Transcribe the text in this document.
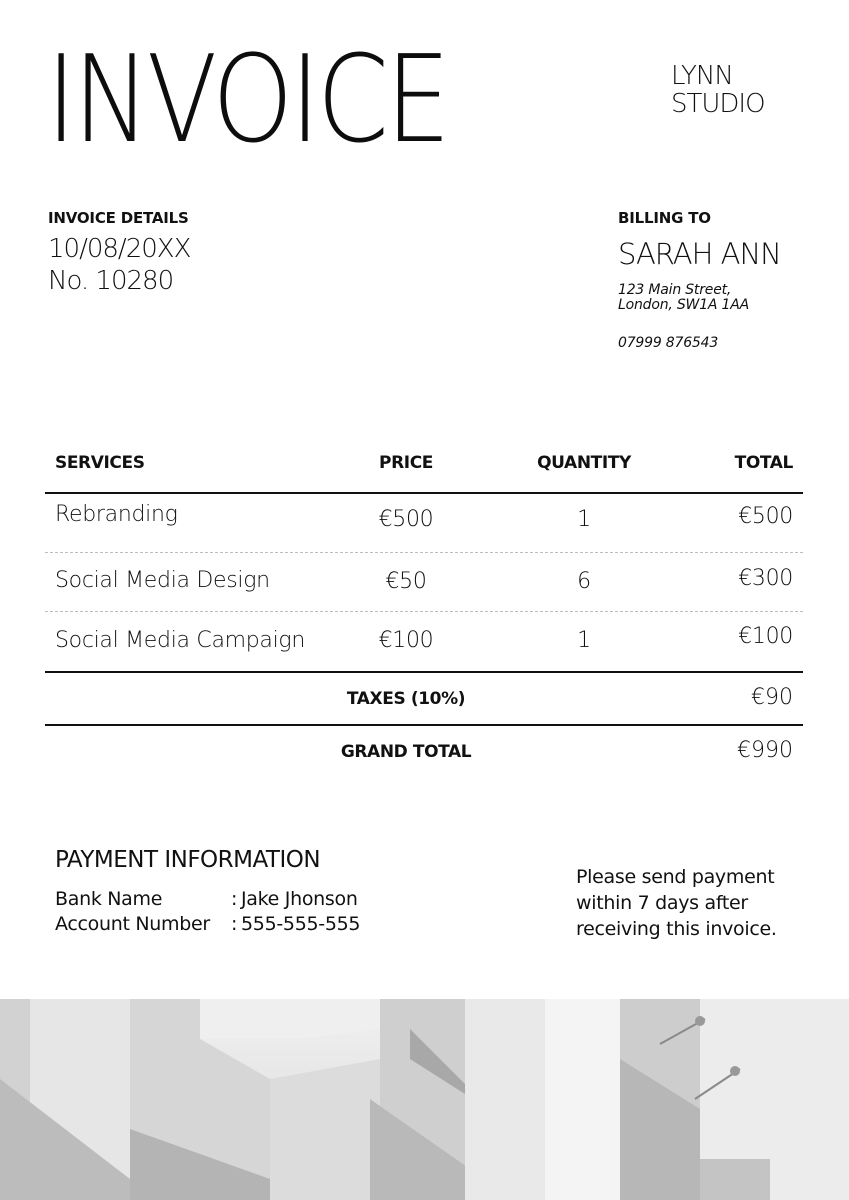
INVOICE	LYNN
STUDIO
INVOICE DETAILS
10/08/20XX
No. 10280
BILLING TO
SARAH ANN
123 Main Street,
London, SW1A 1AA
07999 876543
SERVICES	PRICE	QUANTITY	TOTAL
Rebranding	€500	1	€500
Social Media Design	€50	6	€300
Social Media Campaign	€100	1	€100
TAXES (10%)	€90
GRAND TOTAL	€990
PAYMENT INFORMATION
Bank Name	: Jake Jhonson
Account Number	: 555-555-555
Please send payment within 7 days after receiving this invoice.
